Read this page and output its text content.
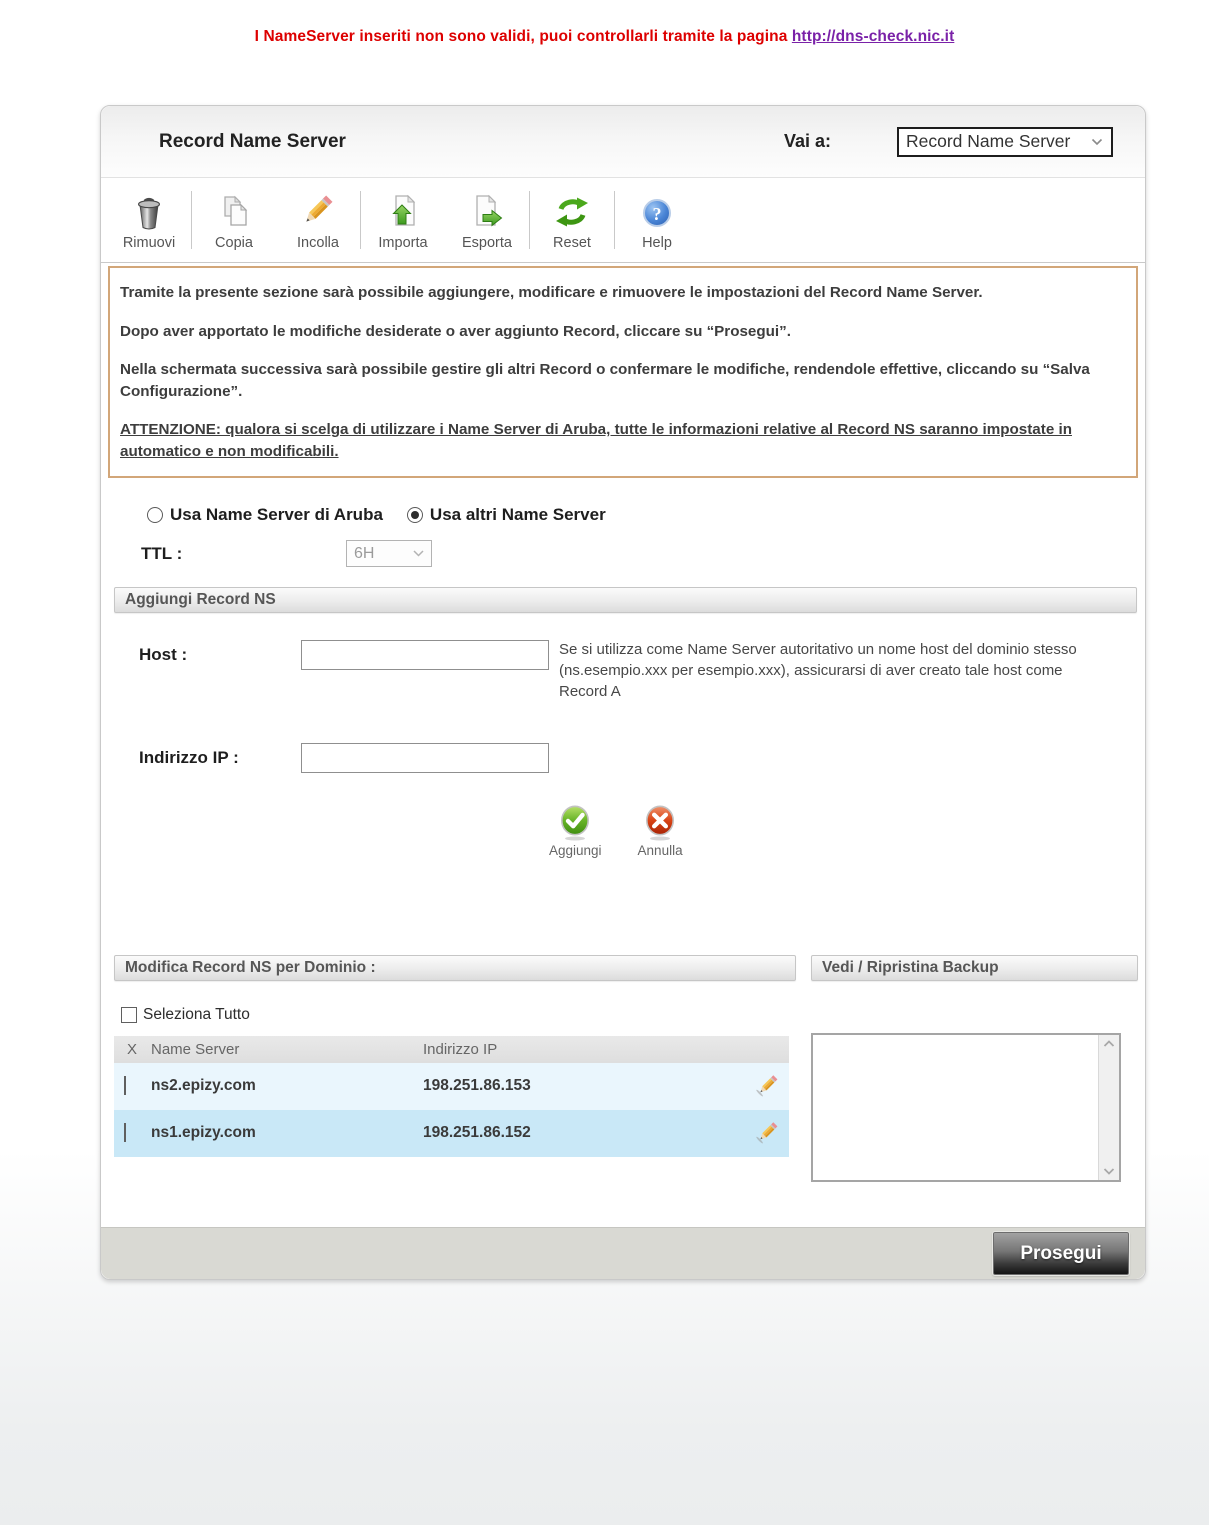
I NameServer inseriti non sono validi, puoi controllarli tramite la pagina http://dns-check.nic.it
Record Name Server	Vai a:	Record Name Server
Rimuovi	Copia	Incolla	Importa Esporta	Reset
?
Help

Tramite la presente sezione sarà possibile aggiungere, modificare e rimuovere le impostazioni del Record Name Server.

Dopo aver apportato le modifiche desiderate o aver aggiunto Record, cliccare su “Prosegui”.

Nella schermata successiva sarà possibile gestire gli altri Record o confermare le modifiche, rendendole effettive, cliccando su “Salva Configurazione”.

ATTENZIONE: qualora si scelga di utilizzare i Name Server di Aruba, tutte le informazioni relative al Record NS saranno impostate in automatico e non modificabili.

Usa Name Server di Aruba	Usa altri Name Server
TTL :	6H
Aggiungi Record NS
Host :	Se si utilizza come Name Server autoritativo un nome host del dominio stesso (ns.esempio.xxx per esempio.xxx), assicurarsi di aver creato tale host come Record A
Indirizzo IP :
Aggiungi	Annulla
Modifica Record NS per Dominio :
Seleziona Tutto
X Name Server	Indirizzo IP
ns2.epizy.com	198.251.86.153
ns1.epizy.com	198.251.86.152
Vedi / Ripristina Backup
Prosegui
